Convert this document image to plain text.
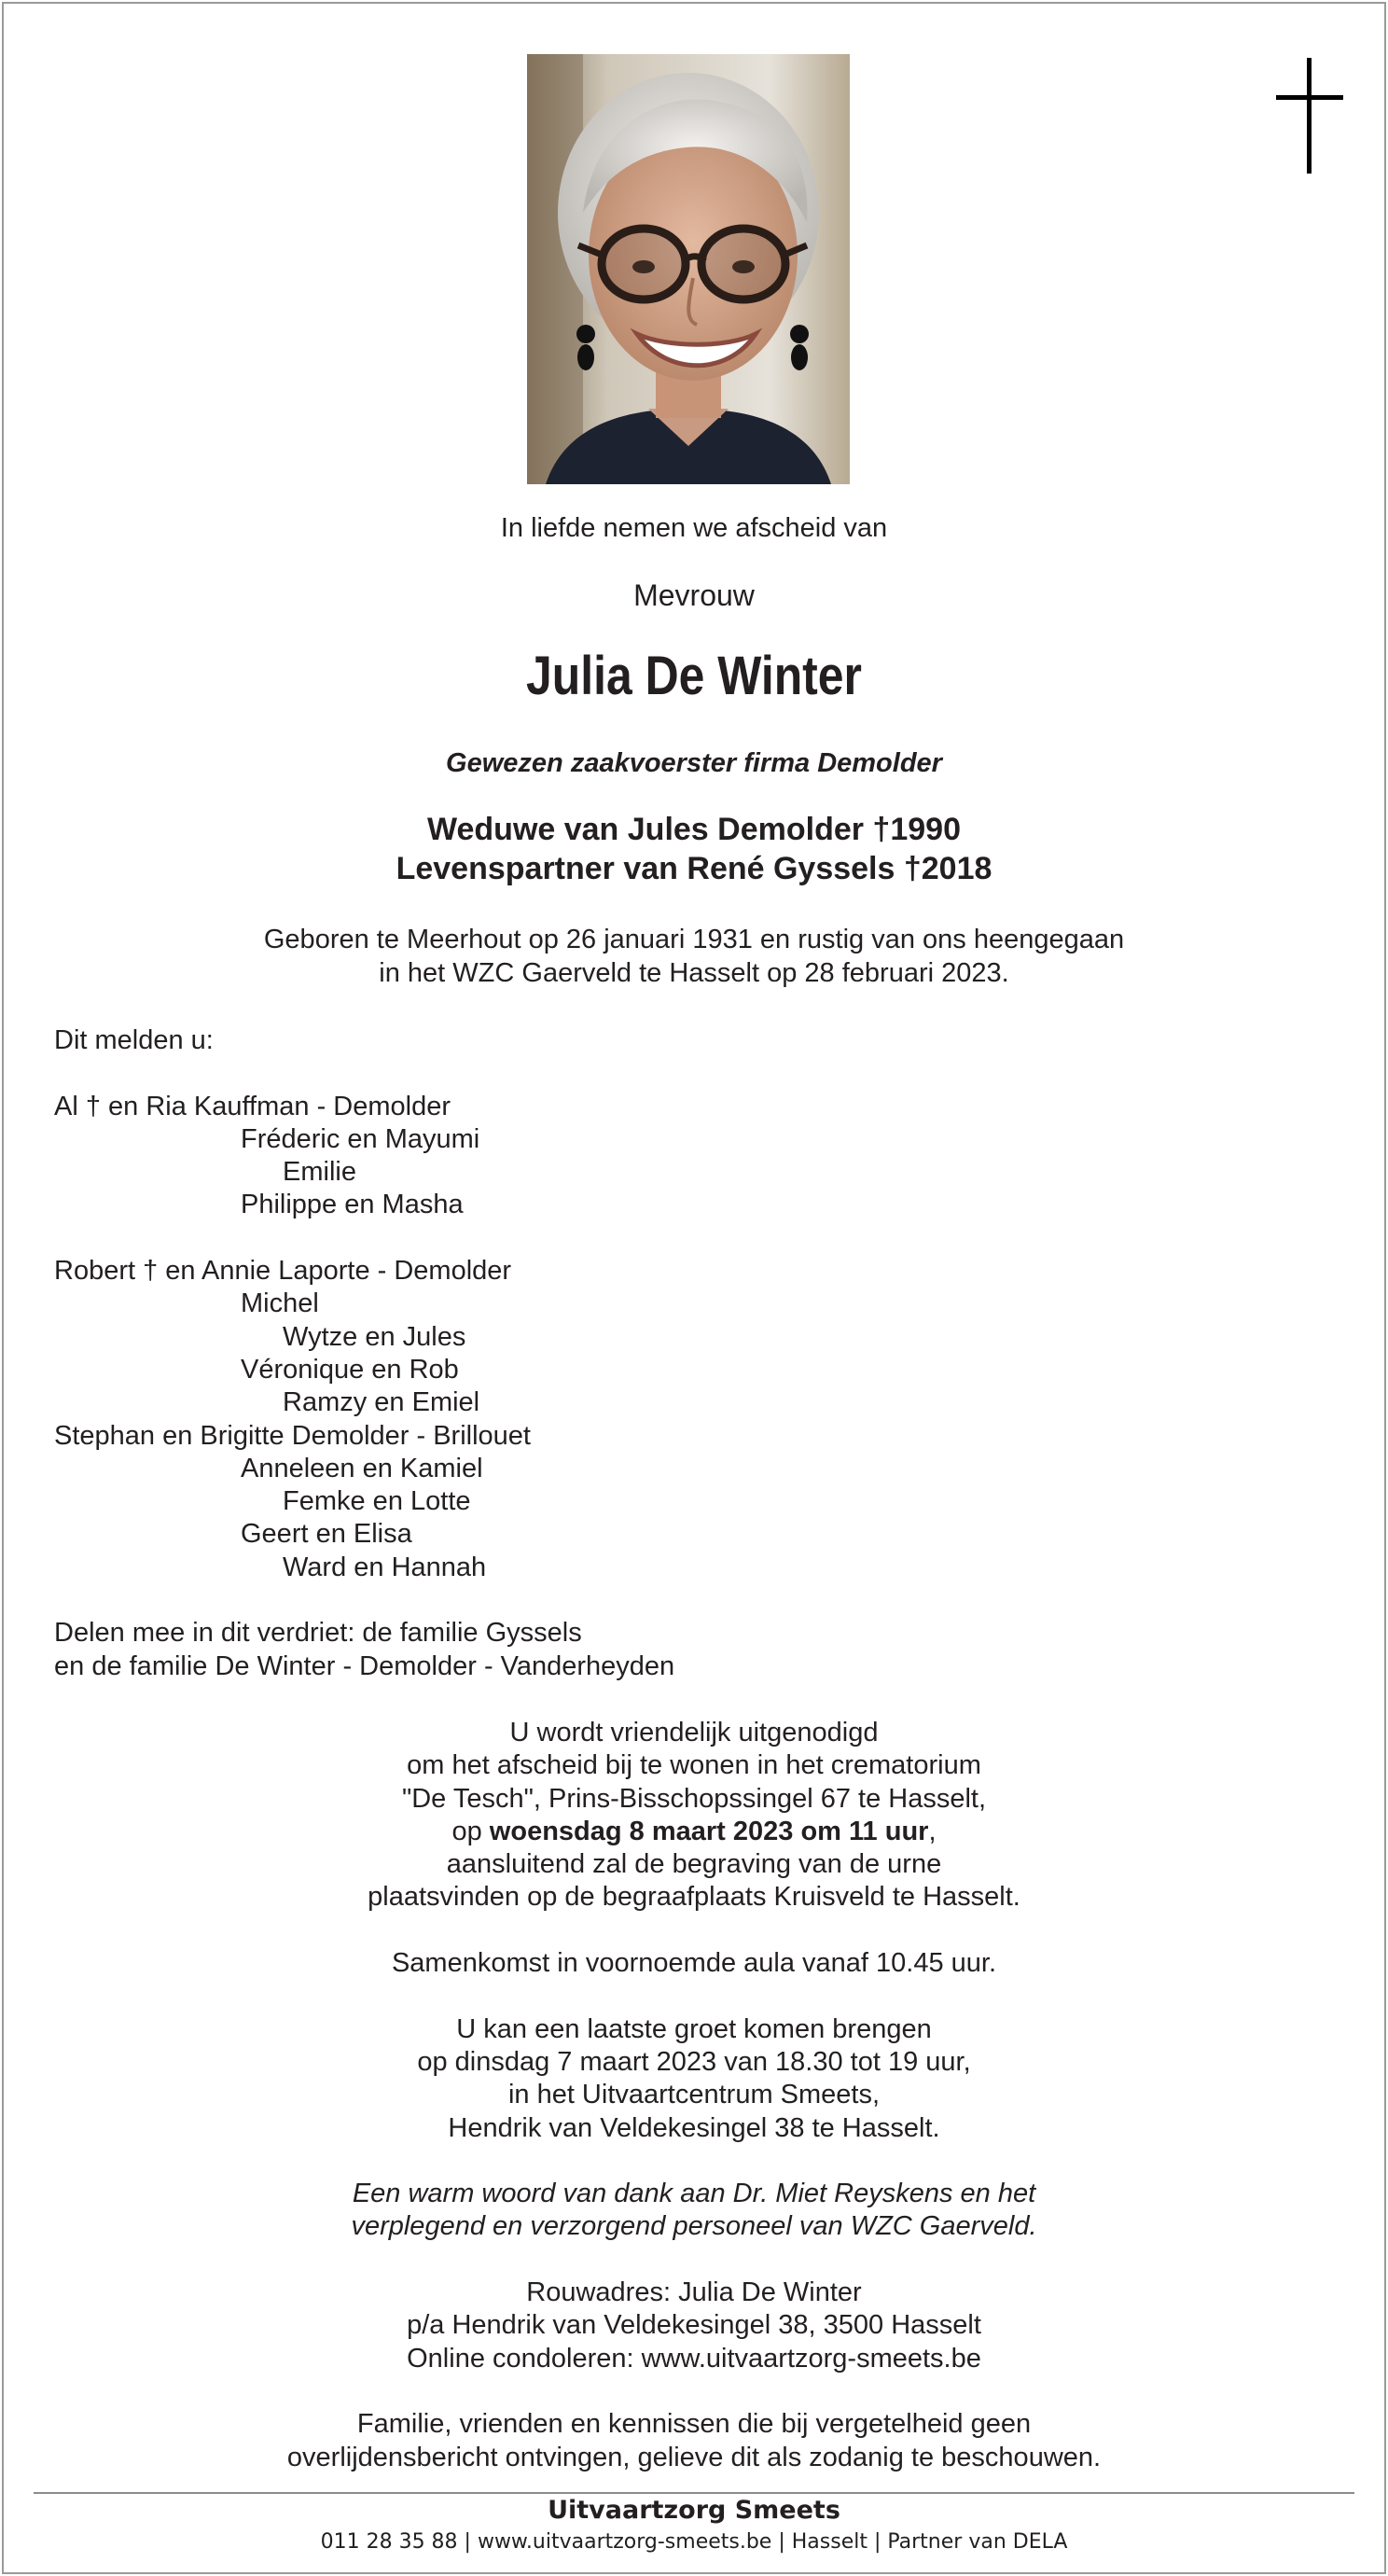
In liefde nemen we afscheid van
Mevrouw
Julia De Winter
Gewezen zaakvoerster firma Demolder
Weduwe van Jules Demolder †1990
Levenspartner van René Gyssels †2018
Geboren te Meerhout op 26 januari 1931 en rustig van ons heengegaan
in het WZC Gaerveld te Hasselt op 28 februari 2023.
Dit melden u:
Al † en Ria Kauffman - Demolder
Fréderic en Mayumi
Emilie
Philippe en Masha
Robert † en Annie Laporte - Demolder
Michel
Wytze en Jules
Véronique en Rob
Ramzy en Emiel
Stephan en Brigitte Demolder - Brillouet
Anneleen en Kamiel
Femke en Lotte
Geert en Elisa
Ward en Hannah
Delen mee in dit verdriet: de familie Gyssels
en de familie De Winter - Demolder - Vanderheyden
U wordt vriendelijk uitgenodigd
om het afscheid bij te wonen in het crematorium
"De Tesch", Prins-Bisschopssingel 67 te Hasselt,
op woensdag 8 maart 2023 om 11 uur,
aansluitend zal de begraving van de urne
plaatsvinden op de begraafplaats Kruisveld te Hasselt.
Samenkomst in voornoemde aula vanaf 10.45 uur.
U kan een laatste groet komen brengen
op dinsdag 7 maart 2023 van 18.30 tot 19 uur,
in het Uitvaartcentrum Smeets,
Hendrik van Veldekesingel 38 te Hasselt.
Een warm woord van dank aan Dr. Miet Reyskens en het
verplegend en verzorgend personeel van WZC Gaerveld.
Rouwadres: Julia De Winter
p/a Hendrik van Veldekesingel 38, 3500 Hasselt
Online condoleren: www.uitvaartzorg-smeets.be
Familie, vrienden en kennissen die bij vergetelheid geen
overlijdensbericht ontvingen, gelieve dit als zodanig te beschouwen.
Uitvaartzorg Smeets
011 28 35 88 | www.uitvaartzorg-smeets.be | Hasselt | Partner van DELA
